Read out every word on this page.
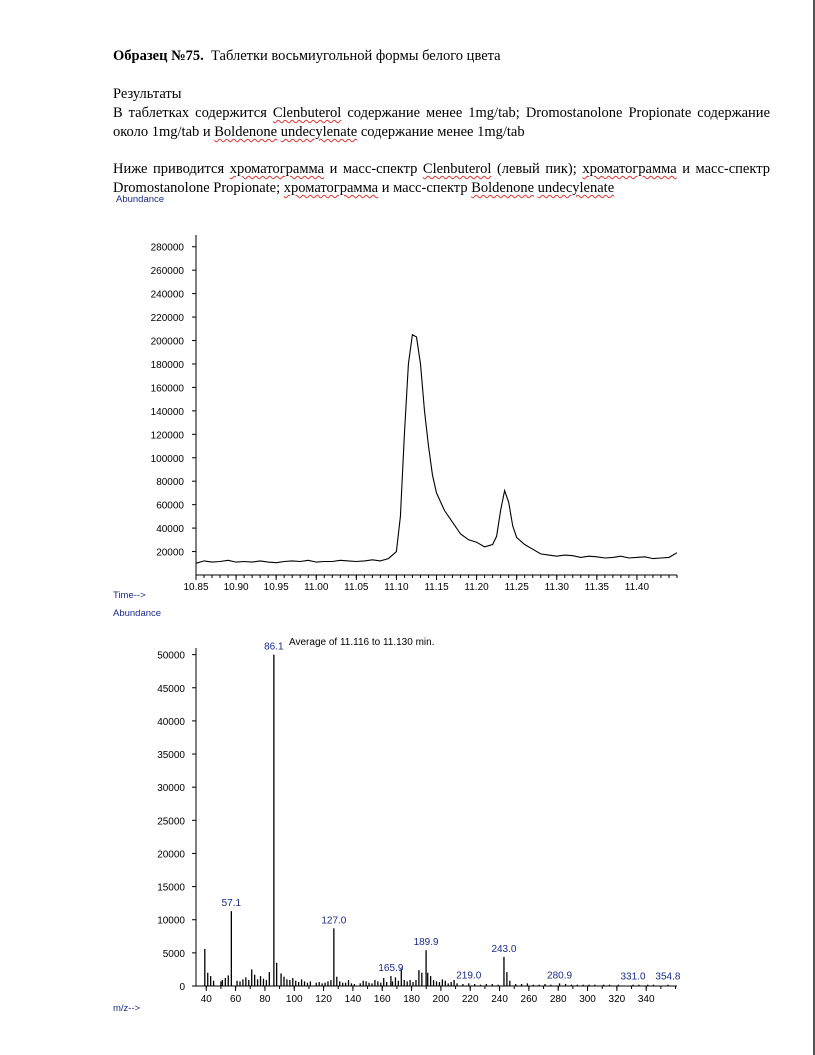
Образец №75. Таблетки восьмиугольной формы белого цвета
Результаты
В таблетках содержится Clenbuterol содержание менее 1mg/tab; Dromostanolone Propionate содержание около 1mg/tab и Boldenone undecylenate содержание менее 1mg/tab
Ниже приводится хроматограмма и масс-спектр Clenbuterol (левый пик); хроматограмма и масс-спектр Dromostanolone Propionate; хроматограмма и масс-спектр Boldenone undecylenate
Abundance
Time-->
Abundance
m/z-->
20000
40000
60000
80000
100000
120000
140000
160000
180000
200000
220000
240000
260000
280000
10.85 10.90 10.95 11.00 11.05 11.10 11.15 11.20 11.25 11.30 11.35 11.40
Average of 11.116 to 11.130 min.
0
5000
10000
15000
20000
25000
30000
35000
40000
45000
50000
40 60 80 100 120 140 160 180 200 220 240 260 280 300 320 340
86.1
57.1
127.0
189.9
165.9
243.0
219.0	280.9	331.0 354.8
